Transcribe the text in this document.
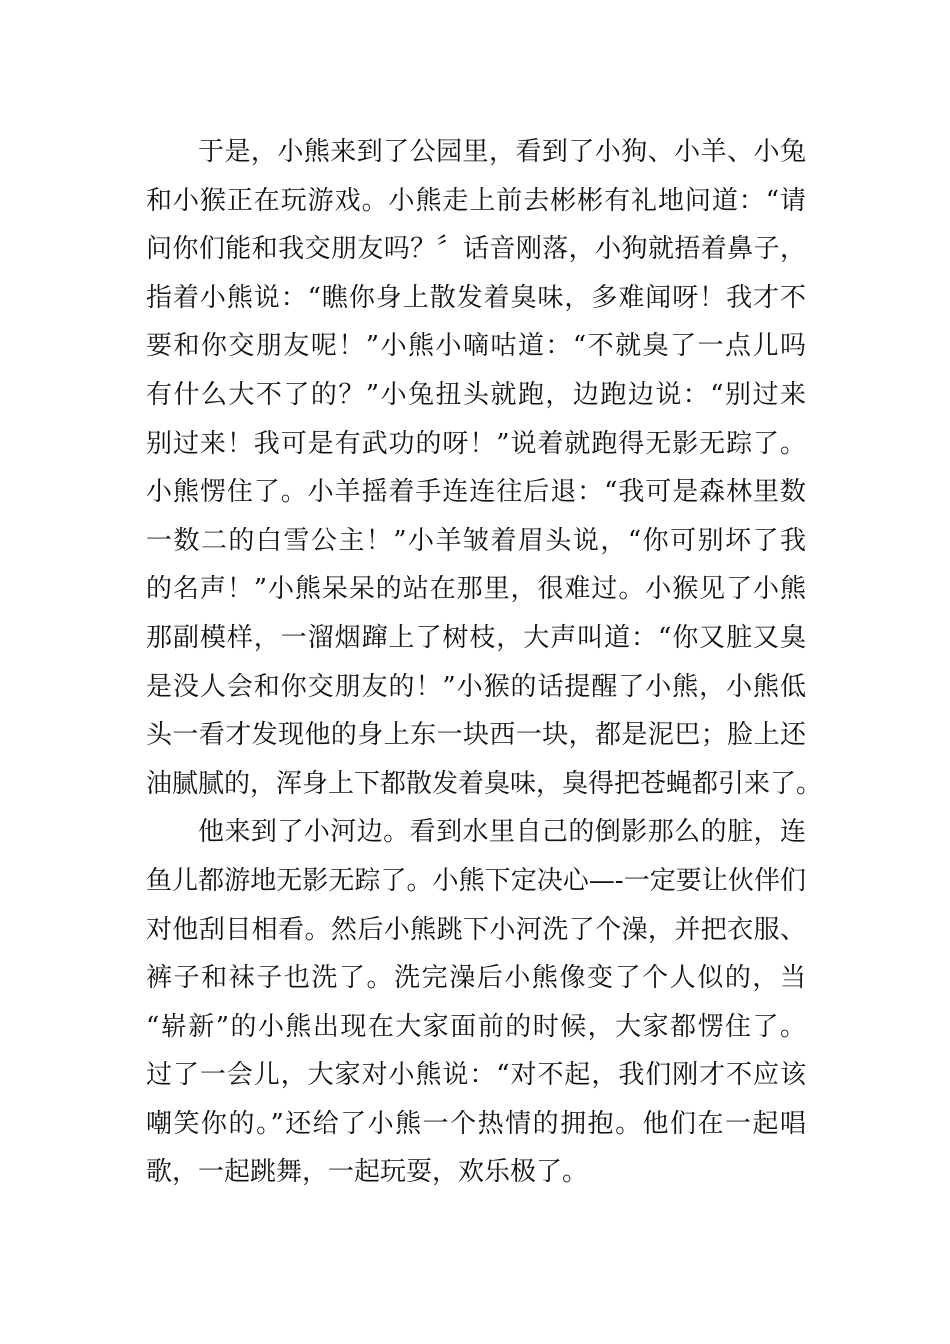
于是，小熊来到了公园里，看到了小狗、小羊、小兔
和小猴正在玩游戏。小熊走上前去彬彬有礼地问道：“请
问你们能和我交朋友吗？〞话音刚落，小狗就捂着鼻子，
指着小熊说：“瞧你身上散发着臭味，多难闻呀！我才不
要和你交朋友呢！”小熊小嘀咕道：“不就臭了一点儿吗
有什么大不了的？”小兔扭头就跑，边跑边说：“别过来
别过来！我可是有武功的呀！”说着就跑得无影无踪了。
小熊愣住了。小羊摇着手连连往后退：“我可是森林里数
一数二的白雪公主！”小羊皱着眉头说，“你可别坏了我
的名声！”小熊呆呆的站在那里，很难过。小猴见了小熊
那副模样，一溜烟蹿上了树枝，大声叫道：“你又脏又臭
是没人会和你交朋友的！”小猴的话提醒了小熊，小熊低
头一看才发现他的身上东一块西一块，都是泥巴；脸上还
油腻腻的，浑身上下都散发着臭味，臭得把苍蝇都引来了。
他来到了小河边。看到水里自己的倒影那么的脏，连
鱼儿都游地无影无踪了。小熊下定决心—-一定要让伙伴们
对他刮目相看。然后小熊跳下小河洗了个澡，并把衣服、
裤子和袜子也洗了。洗完澡后小熊像变了个人似的，当
“崭新”的小熊出现在大家面前的时候，大家都愣住了。
过了一会儿，大家对小熊说：“对不起，我们刚才不应该
嘲笑你的。”还给了小熊一个热情的拥抱。他们在一起唱
歌，一起跳舞，一起玩耍，欢乐极了。
